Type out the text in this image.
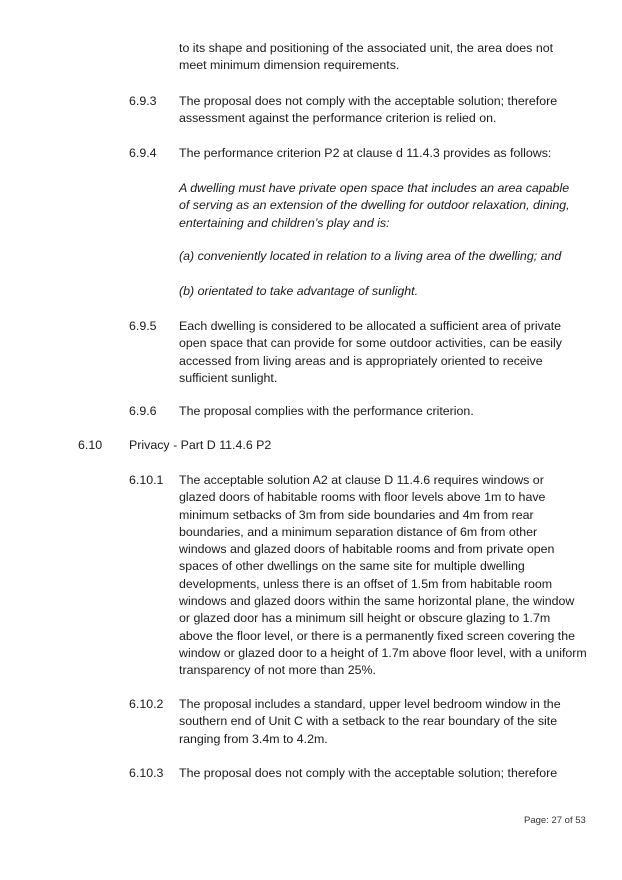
to its shape and positioning of the associated unit, the area does not
meet minimum dimension requirements.
6.9.3 The proposal does not comply with the acceptable solution; therefore
assessment against the performance criterion is relied on.
6.9.4 The performance criterion P2 at clause d 11.4.3 provides as follows:
A dwelling must have private open space that includes an area capable
of serving as an extension of the dwelling for outdoor relaxation, dining,
entertaining and children’s play and is:
(a) conveniently located in relation to a living area of the dwelling; and
(b) orientated to take advantage of sunlight.
6.9.5 Each dwelling is considered to be allocated a sufficient area of private
open space that can provide for some outdoor activities, can be easily
accessed from living areas and is appropriately oriented to receive
sufficient sunlight.
6.9.6 The proposal complies with the performance criterion.
6.10 Privacy - Part D 11.4.6 P2
6.10.1 The acceptable solution A2 at clause D 11.4.6 requires windows or
glazed doors of habitable rooms with floor levels above 1m to have
minimum setbacks of 3m from side boundaries and 4m from rear
boundaries, and a minimum separation distance of 6m from other
windows and glazed doors of habitable rooms and from private open
spaces of other dwellings on the same site for multiple dwelling
developments, unless there is an offset of 1.5m from habitable room
windows and glazed doors within the same horizontal plane, the window
or glazed door has a minimum sill height or obscure glazing to 1.7m
above the floor level, or there is a permanently fixed screen covering the
window or glazed door to a height of 1.7m above floor level, with a uniform
transparency of not more than 25%.
6.10.2 The proposal includes a standard, upper level bedroom window in the
southern end of Unit C with a setback to the rear boundary of the site
ranging from 3.4m to 4.2m.
6.10.3 The proposal does not comply with the acceptable solution; therefore
Page: 27 of 53
